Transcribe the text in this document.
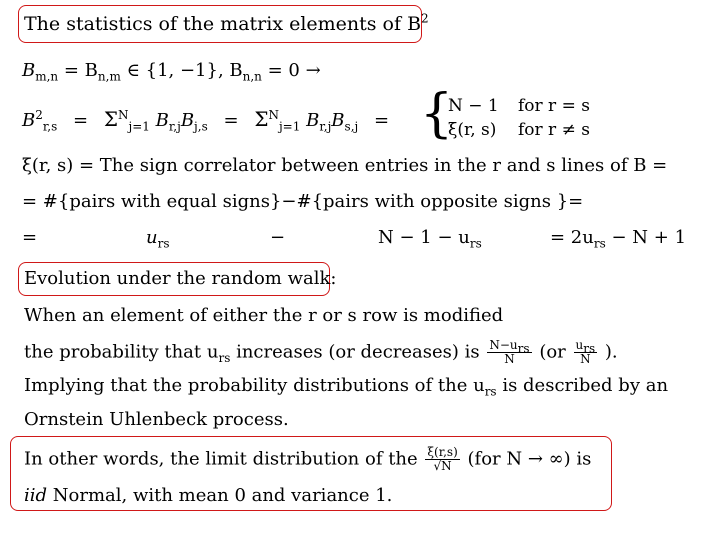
The statistics of the matrix elements of $B^2$
$B_{m,n} = B_{n,m}$ ∈ {1, −1}, $B_{n,n} = 0$ →
$B^2_{r,s} = \Sigma^N_{j=1}$ $B_{r,j}B_{j,s} = \Sigma^N_{j=1}$ $B_{r,j}B_{s,j}$ = {
N − 1 for r = s
ξ(r, s) for r ≠ s
ξ(r, s) = The sign correlator between entries in the r and s lines of B =
= #{pairs with equal signs}−#{pairs with opposite signs }=
=	$u_{rs}$	−	$N - 1 - u_{rs}$	= $2u_{rs} - N + 1$
Evolution under the random walk:
When an element of either the r or s row is modified
the probability that $u_{rs}$ increases (or decreases) is $\frac{N-u_{rs}}{N} (or \frac{u_{rs}}{N}$ ).
Implying that the probability distributions of the $u_{rs}$ is described by an
Ornstein Uhlenbeck process.
In other words, the limit distribution of the $\frac{\xi(r,s)}{√N} (for$ N → ∞) is
iid Normal, with mean 0 and variance 1.
